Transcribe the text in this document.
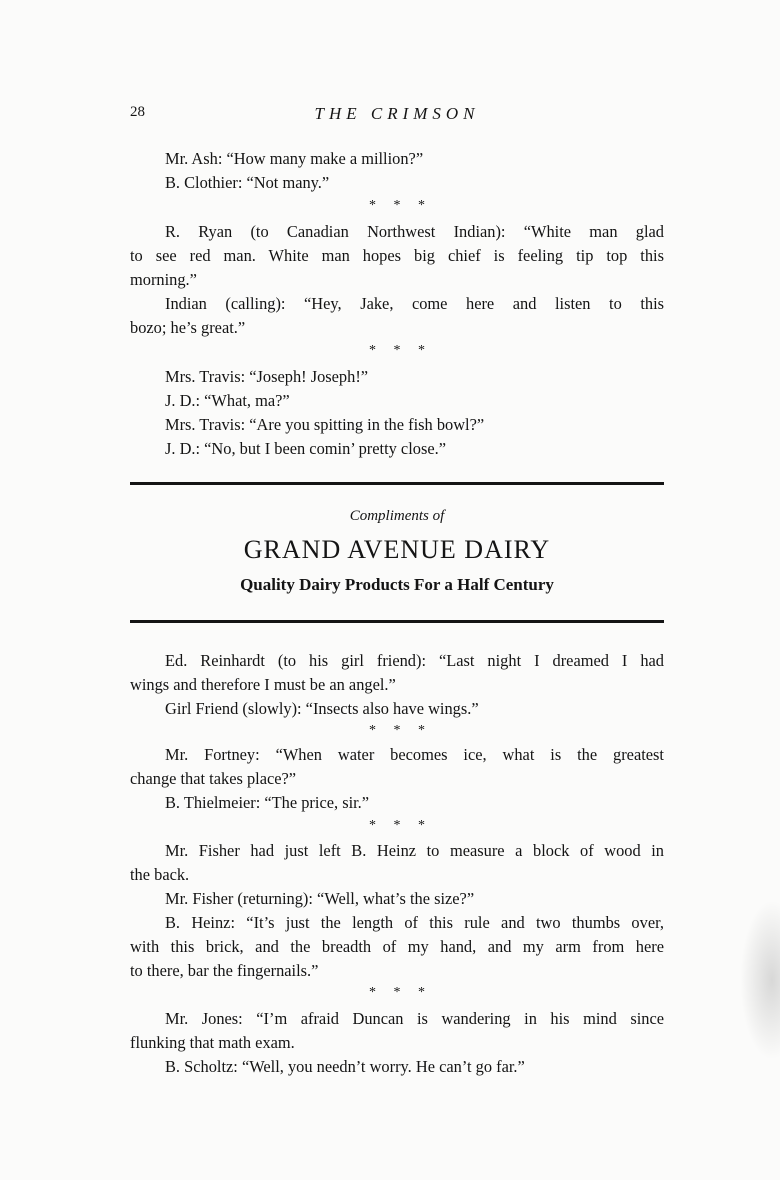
28	THE CRIMSON
Mr. Ash: “How many make a million?”
B. Clothier: “Not many.”
* * *
R. Ryan (to Canadian Northwest Indian): “White man glad
to see red man. White man hopes big chief is feeling tip top this
morning.”
Indian (calling): “Hey, Jake, come here and listen to this
bozo; he’s great.”
* * *
Mrs. Travis: “Joseph! Joseph!”
J. D.: “What, ma?”
Mrs. Travis: “Are you spitting in the fish bowl?”
J. D.: “No, but I been comin’ pretty close.”
Compliments of
GRAND AVENUE DAIRY
Quality Dairy Products For a Half Century
Ed. Reinhardt (to his girl friend): “Last night I dreamed I had
wings and therefore I must be an angel.”
Girl Friend (slowly): “Insects also have wings.”
* * *
Mr. Fortney: “When water becomes ice, what is the greatest
change that takes place?”
B. Thielmeier: “The price, sir.”
* * *
Mr. Fisher had just left B. Heinz to measure a block of wood in
the back.
Mr. Fisher (returning): “Well, what’s the size?”
B. Heinz: “It’s just the length of this rule and two thumbs over,
with this brick, and the breadth of my hand, and my arm from here
to there, bar the fingernails.”
* * *
Mr. Jones: “I’m afraid Duncan is wandering in his mind since
flunking that math exam.
B. Scholtz: “Well, you needn’t worry. He can’t go far.”
